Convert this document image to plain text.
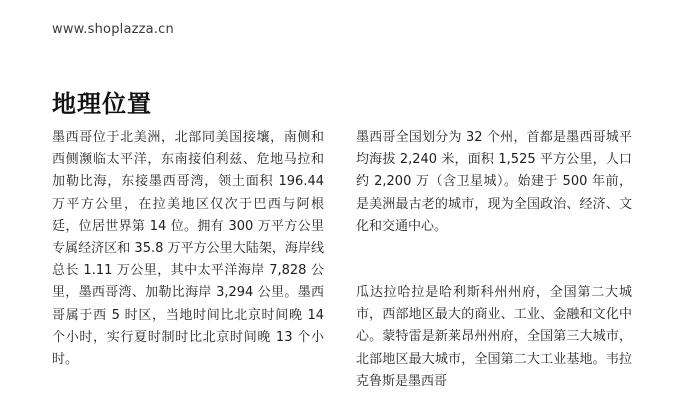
www.shoplazza.cn
地理位置

墨西哥位于北美洲，北部同美国接壤，南侧和西侧濒临太平洋，东南接伯利兹、危地马拉和加勒比海，东接墨西哥湾，领土面积 196.44 万平方公里，在拉美地区仅次于巴西与阿根廷，位居世界第 14 位。拥有 300 万平方公里专属经济区和 35.8 万平方公里大陆架，海岸线总长 1.11 万公里，其中太平洋海岸 7,828 公里，墨西哥湾、加勒比海岸 3,294 公里。墨西哥属于西 5 时区，当地时间比北京时间晚 14 个小时，实行夏时制时比北京时间晚 13 个小时。

墨西哥全国划分为 32 个州，首都是墨西哥城平均海拔 2,240 米，面积 1,525 平方公里，人口约 2,200 万（含卫星城）。始建于 500 年前，是美洲最古老的城市，现为全国政治、经济、文化和交通中心。

瓜达拉哈拉是哈利斯科州州府，全国第二大城市，西部地区最大的商业、工业、金融和文化中心。蒙特雷是新莱昂州州府，全国第三大城市，北部地区最大城市，全国第二大工业基地。韦拉克鲁斯是墨西哥
